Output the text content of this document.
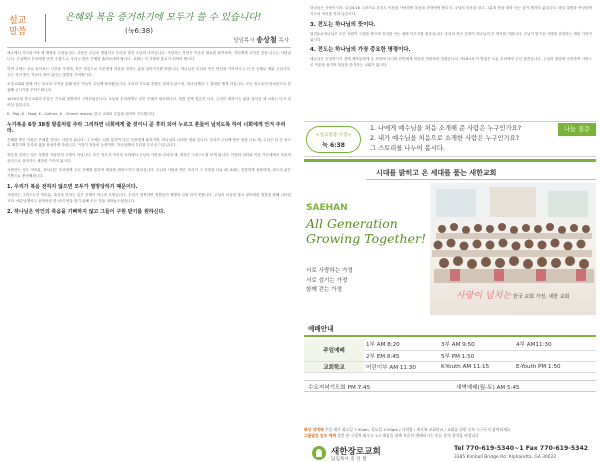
설교
말씀
은혜와 복음 증거하기에 모두가 쓸 수 있습니다!
(눅6:38)
담임목사 송상철 목사
예수께서 가르치시며 새 계명을 주셨습니다. 사랑은 주님의 명령이고 우리를 향한 주님의 마음입니다. 사랑하는 사람은 이웃의 필요를 돌아보며, 자신에게 주어진 것을 나누는 사람입니다. 주님께서 우리에게 먼저 주셨으니, 우리도 받은 은혜를 흘려보내야 합니다. 교회는 이 사랑의 통로가 되어야 합니다.
이번 주에는 서로 돌아보는 시간을 가지며, 작은 섬김으로 이웃에게 복음을 전하는 삶을 살아가기를 바랍니다. 하나님은 우리의 작은 헌신을 기억하시고 더 큰 은혜로 채워 주십니다. 주는 자가 받는 자보다 복이 있다는 말씀을 기억합시다.
소망교회와 함께 하는 선교의 사역을 통해 많은 이들이 주님께 돌아왔습니다. 우리의 기도와 후원은 헛되지 않으며, 하나님께서 그 열매를 맺게 하십니다. 모든 성도들이 한마음으로 동참해 주시기를 부탁드립니다.
1970년대 한국교회의 부흥은 기도와 말씀에서 시작되었습니다. 오늘날 우리에게도 같은 은혜가 필요합니다. 말씀 앞에 겸손히 서서, 주님이 원하시는 삶을 살아갈 때 교회는 다시 일어설 것입니다.
K - Pop, K - Food, K - Culture, K - Church revival, 한국 교회의 부흥을 위하여 기도합시다.
누가복음 6장 38절 말씀처럼 주라 그리하면 너희에게 줄 것이니 곧 후히 되어 누르고 흔들어 넘치도록 하여 너희에게 안겨 주리라.
은혜를 받은 사람은 은혜를 전하는 사람이 됩니다. 그 은혜는 나를 통하여 다른 사람에게 흘러가며, 하나님의 나라를 세워 갑니다. 우리가 주님께 받은 복을 나눌 때, 주님은 더 큰 복으로 채우시며 우리의 삶을 풍성하게 하십니다. 이것이 복음의 능력이며, 하나님께서 우리를 부르신 이유입니다.
복음을 전하는 일은 특별한 사람만의 사명이 아닙니다. 모든 성도가 자신의 자리에서 주님의 사랑을 나타낼 때, 세상은 그리스도를 보게 됩니다. 가정과 일터와 이웃 가운데에서 복음의 증인으로 살아가는 새한의 가족이 됩시다.
사랑하는 성도 여러분, 하나님은 우리에게 주신 은혜를 통하여 세상을 변화시키기 원하십니다. 주님의 사랑을 받은 우리가 그 사랑을 나눌 때 교회는 건강하게 성장하며, 성도의 삶은 기쁨으로 충만해집니다.
1. 우리가 복음 전하지 않으면 모두가 멸망당하기 때문이다.
사랑하는 그리스도인 여러분, 복음을 전하는 일은 선택이 아니라 사명입니다. 우리가 침묵하면 영혼들이 생명의 길을 알지 못합니다. 주님의 마음을 품고 잃어버린 영혼을 향해 나아갑시다. 예수님께서도 잃어버린 한 마리 양을 찾기 위해 모든 것을 내려놓으셨습니다.
2. 하나님은 악인의 죽음을 기뻐하지 않고 그들이 구원 받기를 원하신다.
하나님은 사랑이시라. 요일4:16 그러므로 우리도 이웃을 사랑하며 복음을 전하여야 합니다. 주님의 마음을 알고 그분의 뜻을 따라 사는 것이 제자의 삶입니다. 매일 말씀을 묵상하며 기도의 자리를 지켜 나갑시다.
3. 전도는 하나님의 뜻이다.
딤전2:4 하나님은 모든 사람이 구원을 받으며 진리를 아는 데에 이르기를 원하십니다. 우리의 작은 순종이 하나님의 큰 역사를 이룹니다. 주님이 맡기신 사명을 감당하는 새한 가족이 됩시다.
4. 전도는 하나님의 가장 중요한 명령이다.
예수님은 승천하시기 전에 제자들에게 온 천하에 다니며 만민에게 복음을 전파하라 하셨습니다. 막16:15 이 명령은 오늘 우리에게 주신 말씀입니다. 주님의 명령에 순종하여 사랑으로 이웃을 섬기며 복음을 증거하는 교회가 됩시다.
<설교말씀 구절>
눅 6:38
1. 나에게 예수님을 처음 소개해 준 사람은 누구인가요?
2. 내가 예수님을 처음으로 소개한 사람은 누구인가요?
그 스토리를 나누어 봅시다.
나눔 질문
시대를 밝히고 온 세대를 품는 새한교회
SAEHAN
All Generation
Growing Together!
서로 사랑하는 가정
서로 섬기는 가정
함께 걷는 가정
사랑이 넘치는 한국 교회 가정, 새한 교회
예배안내
주일예배	1부 AM 8:20	3부 AM 9:50	4부 AM11:30
	2부 EM 8:45	5부 PM 1:50	
교회학교	어린이부 AM 11:30	K-Youth AM 11:15	E-Youth PM 1:50
수요저녁기도회 PM 7:45	새벽예배(월-토) AM 5:45
화상 대예배 주일 매주 화요일 7:30am, 목요일 5:30pm / 다락방 / 새가족 교회학교 / 교회를 위한 중보 누구든지 참여하세요
그룹말씀 암송 예배 말씀 한 구절씩 외우고 1:1 매칭을 함께 복음이 예배하시는 모든 분의 참석을 바랍니다
새한장로교회
담임목사 송 상 철
Tel 770-619-5340~1 Fax 770-619-5342
3385 Kimball Bridge Rd. Alpharetta, GA 30022
